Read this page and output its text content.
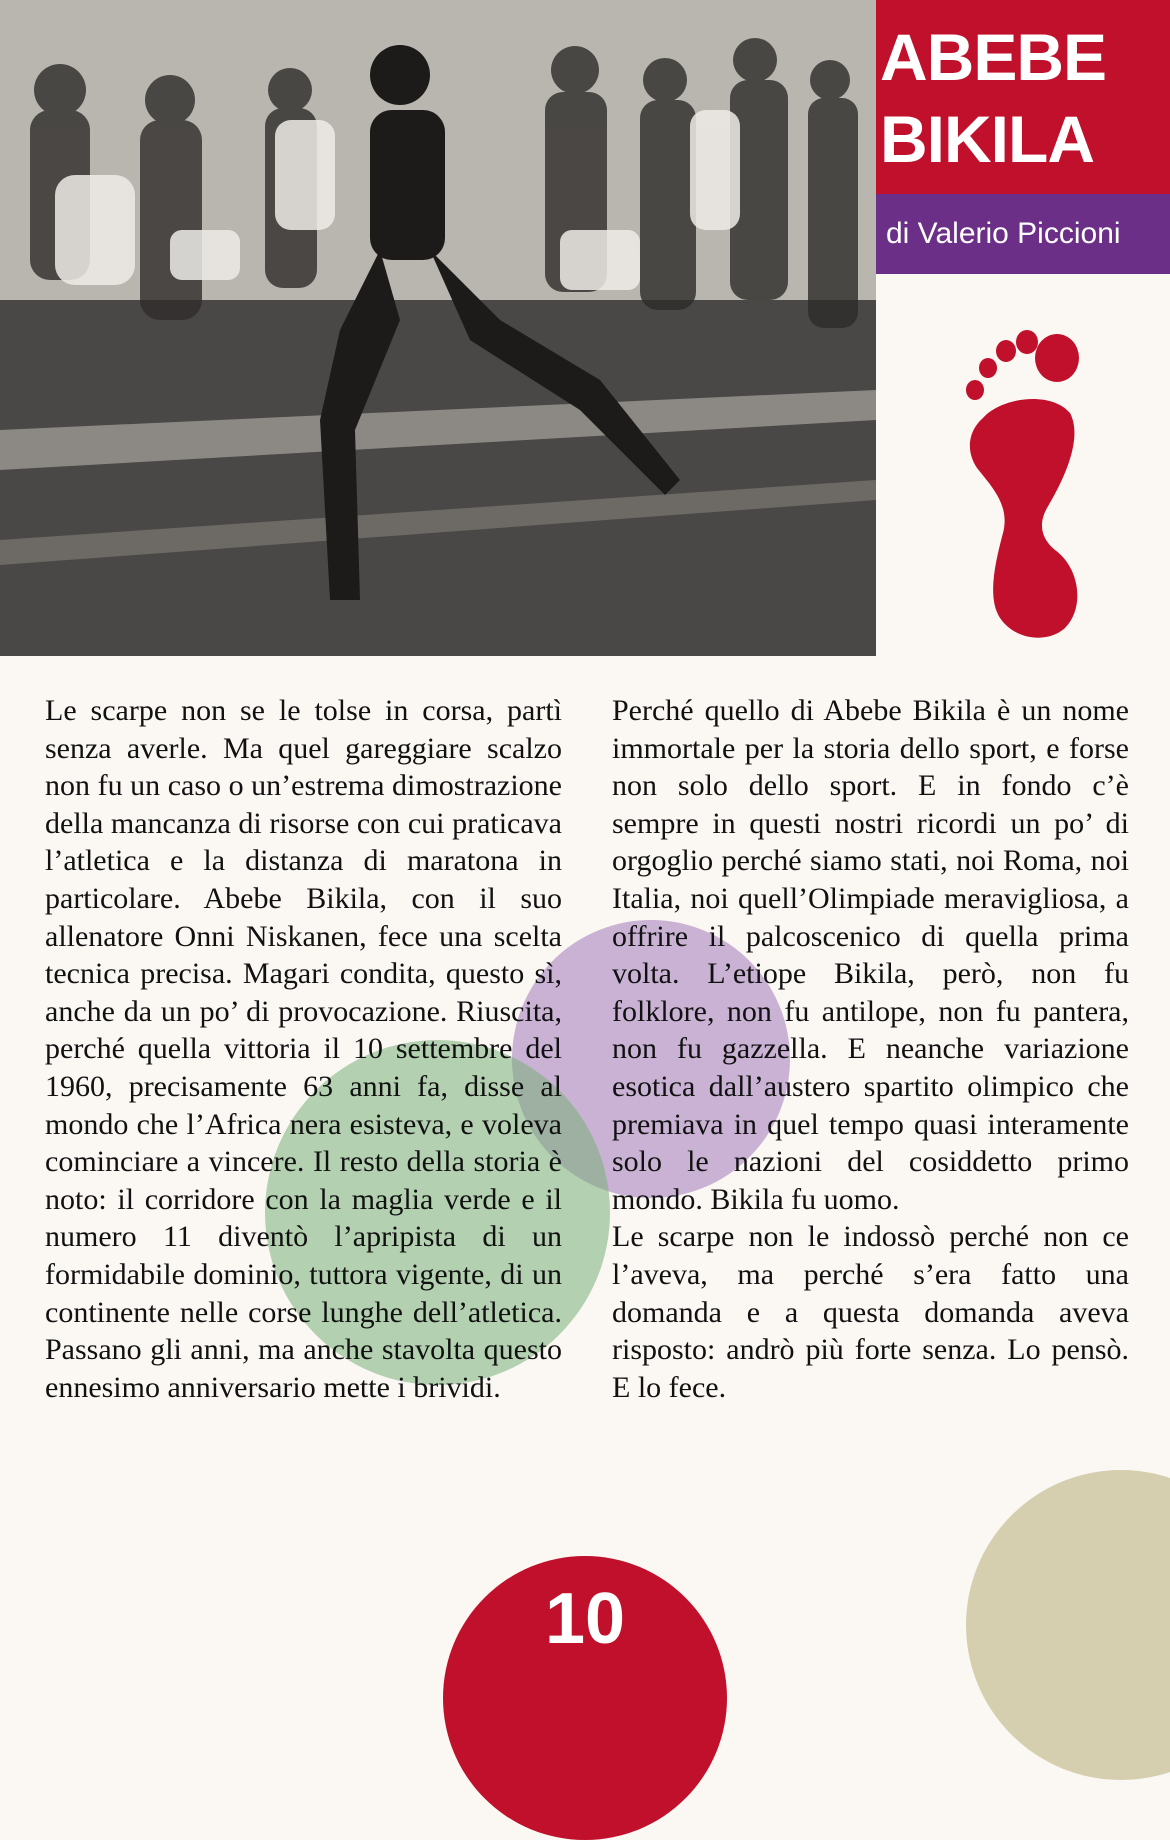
ABEBE
BIKILA
di Valerio Piccioni

Le scarpe non se le tolse in corsa, partì senza averle. Ma quel gareggiare scalzo non fu un caso o un’estrema dimostrazione della mancanza di risorse con cui praticava l’atletica e la distanza di maratona in particolare. Abebe Bikila, con il suo allenatore Onni Niskanen, fece una scelta tecnica precisa. Magari condita, questo sì, anche da un po’ di provocazione. Riuscita, perché quella vittoria il 10 settembre del 1960, precisamente 63 anni fa, disse al mondo che l’Africa nera esisteva, e voleva cominciare a vincere. Il resto della storia è noto: il corridore con la maglia verde e il numero 11 diventò l’apripista di un formidabile dominio, tuttora vigente, di un continente nelle corse lunghe dell’atletica. Passano gli anni, ma anche stavolta questo ennesimo anniversario mette i brividi.

Perché quello di Abebe Bikila è un nome immortale per la storia dello sport, e forse non solo dello sport. E in fondo c’è sempre in questi nostri ricordi un po’ di orgoglio perché siamo stati, noi Roma, noi Italia, noi quell’Olimpiade meravigliosa, a offrire il palcoscenico di quella prima volta. L’etiope Bikila, però, non fu folklore, non fu antilope, non fu pantera, non fu gazzella. E neanche variazione esotica dall’austero spartito olimpico che premiava in quel tempo quasi interamente solo le nazioni del cosiddetto primo mondo. Bikila fu uomo.

Le scarpe non le indossò perché non ce l’aveva, ma perché s’era fatto una domanda e a questa domanda aveva risposto: andrò più forte senza. Lo pensò. E lo fece.

10
